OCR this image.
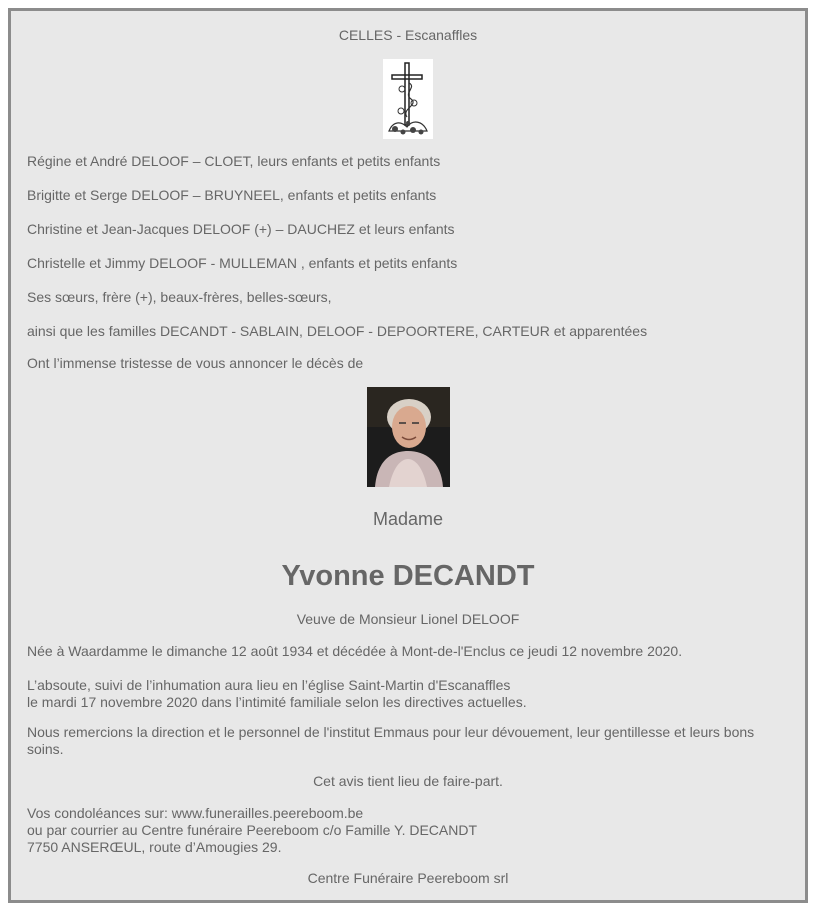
CELLES - Escanaffles
Régine et André DELOOF – CLOET, leurs enfants et petits enfants
Brigitte et Serge DELOOF – BRUYNEEL, enfants et petits enfants
Christine et Jean-Jacques DELOOF (+) – DAUCHEZ et leurs enfants
Christelle et Jimmy DELOOF - MULLEMAN , enfants et petits enfants
Ses sœurs, frère (+), beaux-frères, belles-sœurs,
ainsi que les familles DECANDT - SABLAIN, DELOOF - DEPOORTERE, CARTEUR et apparentées
Ont l’immense tristesse de vous annoncer le décès de
Madame
Yvonne DECANDT
Veuve de Monsieur Lionel DELOOF
Née à Waardamme le dimanche 12 août 1934 et décédée à Mont-de-l'Enclus ce jeudi 12 novembre 2020.
L’absoute, suivi de l’inhumation aura lieu en l’église Saint-Martin d'Escanaffles
le mardi 17 novembre 2020 dans l’intimité familiale selon les directives actuelles.
Nous remercions la direction et le personnel de l'institut Emmaus pour leur dévouement, leur gentillesse et leurs bons
soins.
Cet avis tient lieu de faire-part.
Vos condoléances sur: www.funerailles.peereboom.be
ou par courrier au Centre funéraire Peereboom c/o Famille Y. DECANDT
7750 ANSERŒUL, route d’Amougies 29.
Centre Funéraire Peereboom srl
